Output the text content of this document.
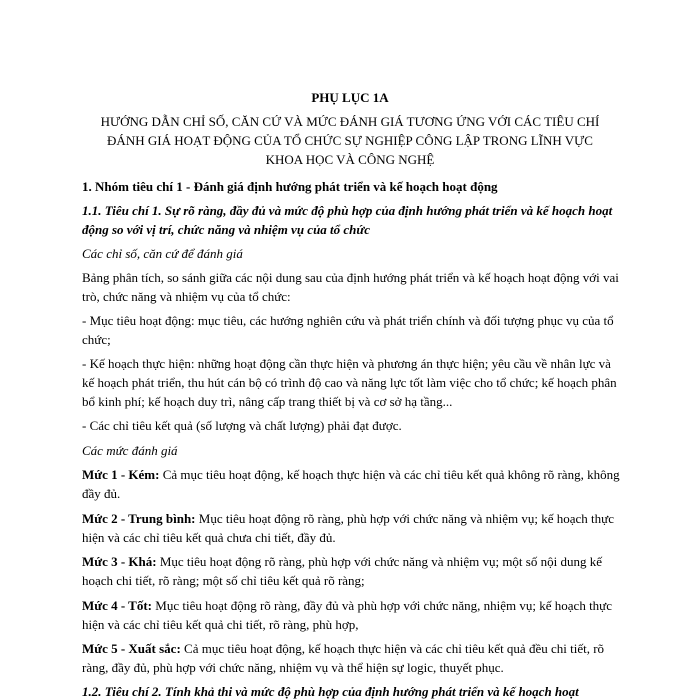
PHỤ LỤC 1A
HƯỚNG DẪN CHỈ SỐ, CĂN CỨ VÀ MỨC ĐÁNH GIÁ TƯƠNG ỨNG VỚI CÁC TIÊU CHÍ ĐÁNH GIÁ HOẠT ĐỘNG CỦA TỔ CHỨC SỰ NGHIỆP CÔNG LẬP TRONG LĨNH VỰC KHOA HỌC VÀ CÔNG NGHỆ
1. Nhóm tiêu chí 1 - Đánh giá định hướng phát triển và kế hoạch hoạt động
1.1. Tiêu chí 1. Sự rõ ràng, đầy đủ và mức độ phù hợp của định hướng phát triển và kế hoạch hoạt động so với vị trí, chức năng và nhiệm vụ của tổ chức
Các chỉ số, căn cứ để đánh giá
Bảng phân tích, so sánh giữa các nội dung sau của định hướng phát triển và kế hoạch hoạt động với vai trò, chức năng và nhiệm vụ của tổ chức:
- Mục tiêu hoạt động: mục tiêu, các hướng nghiên cứu và phát triển chính và đối tượng phục vụ của tổ chức;
- Kế hoạch thực hiện: những hoạt động cần thực hiện và phương án thực hiện; yêu cầu về nhân lực và kế hoạch phát triển, thu hút cán bộ có trình độ cao và năng lực tốt làm việc cho tổ chức; kế hoạch phân bổ kinh phí; kế hoạch duy trì, nâng cấp trang thiết bị và cơ sở hạ tầng...
- Các chỉ tiêu kết quả (số lượng và chất lượng) phải đạt được.
Các mức đánh giá
Mức 1 - Kém: Cả mục tiêu hoạt động, kế hoạch thực hiện và các chỉ tiêu kết quả không rõ ràng, không đầy đủ.
Mức 2 - Trung bình: Mục tiêu hoạt động rõ ràng, phù hợp với chức năng và nhiệm vụ; kế hoạch thực hiện và các chỉ tiêu kết quả chưa chi tiết, đầy đủ.
Mức 3 - Khá: Mục tiêu hoạt động rõ ràng, phù hợp với chức năng và nhiệm vụ; một số nội dung kế hoạch chi tiết, rõ ràng; một số chỉ tiêu kết quả rõ ràng;
Mức 4 - Tốt: Mục tiêu hoạt động rõ ràng, đầy đủ và phù hợp với chức năng, nhiệm vụ; kế hoạch thực hiện và các chỉ tiêu kết quả chi tiết, rõ ràng, phù hợp,
Mức 5 - Xuất sắc: Cả mục tiêu hoạt động, kế hoạch thực hiện và các chỉ tiêu kết quả đều chi tiết, rõ ràng, đầy đủ, phù hợp với chức năng, nhiệm vụ và thể hiện sự logic, thuyết phục.
1.2. Tiêu chí 2. Tính khả thi và mức độ phù hợp của định hướng phát triển và kế hoạch hoạt
